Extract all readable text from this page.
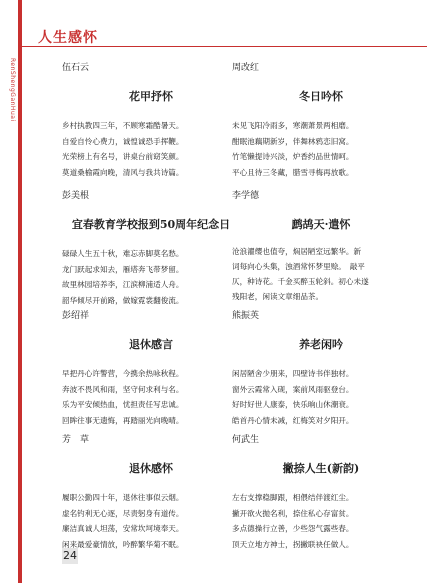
RenShengGanHuai
人生感怀
伍石云
花甲抒怀
乡村执教四三年，不顾寒霜酷暑天。
自爱自怜心费力，诚惶诚恐手挥鞭。
光荣榜上有名号，讲桌台前窈笑颜。
莫道桑榆霞向晚，清风与我共诗篇。
周改红
冬日吟怀
未见飞阳冷雨多，寒潮萧景两相磨。
酣眠池藕期新岁，伴舞林鸦恋旧窝。
竹笔懒提诗兴淡，炉香约品世情呵。
平心且待三冬藏，腊雪寻梅再放歌。
彭美根
宜春教育学校报到50周年纪念日
碌碌人生五十秋，难忘赤脚莫名愁。
龙门跃起求知去，雁塔奔飞带梦留。
故里林园培养李，江滨柳浦适人舟。
韶华倾尽开前路，做嫁霓裳翻俊流。
李学德
鹧鸪天·遣怀
沧浪濯缨也值夸，焖居陋室远繁华。新
词每向心头集，浊酒常怀梦里赊。　敲平
仄，种诗花。千金买醉玉轮斜。初心未遂
残阳老，闲读文章细品茶。
彭绍祥
退休感言
早把丹心许警营，今携余热咏秋程。
奔波不畏风和雨，坚守何求利与名。
乐为平安倾热血，忧担责任写忠诚。
回眸往事无遗悔，再踏丽光向晚晴。
熊振英
养老闲吟
闲居陋舍少朋来，四壁诗书伴独材。
窗外云霞常入砚，案前风雨驱登台。
好时好世人康泰，快乐晌山休潮衰。
皓首丹心情未减，红梅笑对夕阳开。
芳　草
退休感怀
履职公勤四十年，退休往事似云烟。
虚名钓利无心逐，尽责躬身有道传。
廉洁真诚人坦荡，安常坎坷境奉天。
闲来最爱豪情放，吟醉繁华菊不眠。
何武生
撇捺人生(新韵)
左右支撑稳脚跟，相偎结伴渡红尘。
撇开欲火抛名利，捺住私心存富贫。
多点德操行立善，少些怨气露些春。
顶天立地方神士，拐撇联袂任做人。
24
